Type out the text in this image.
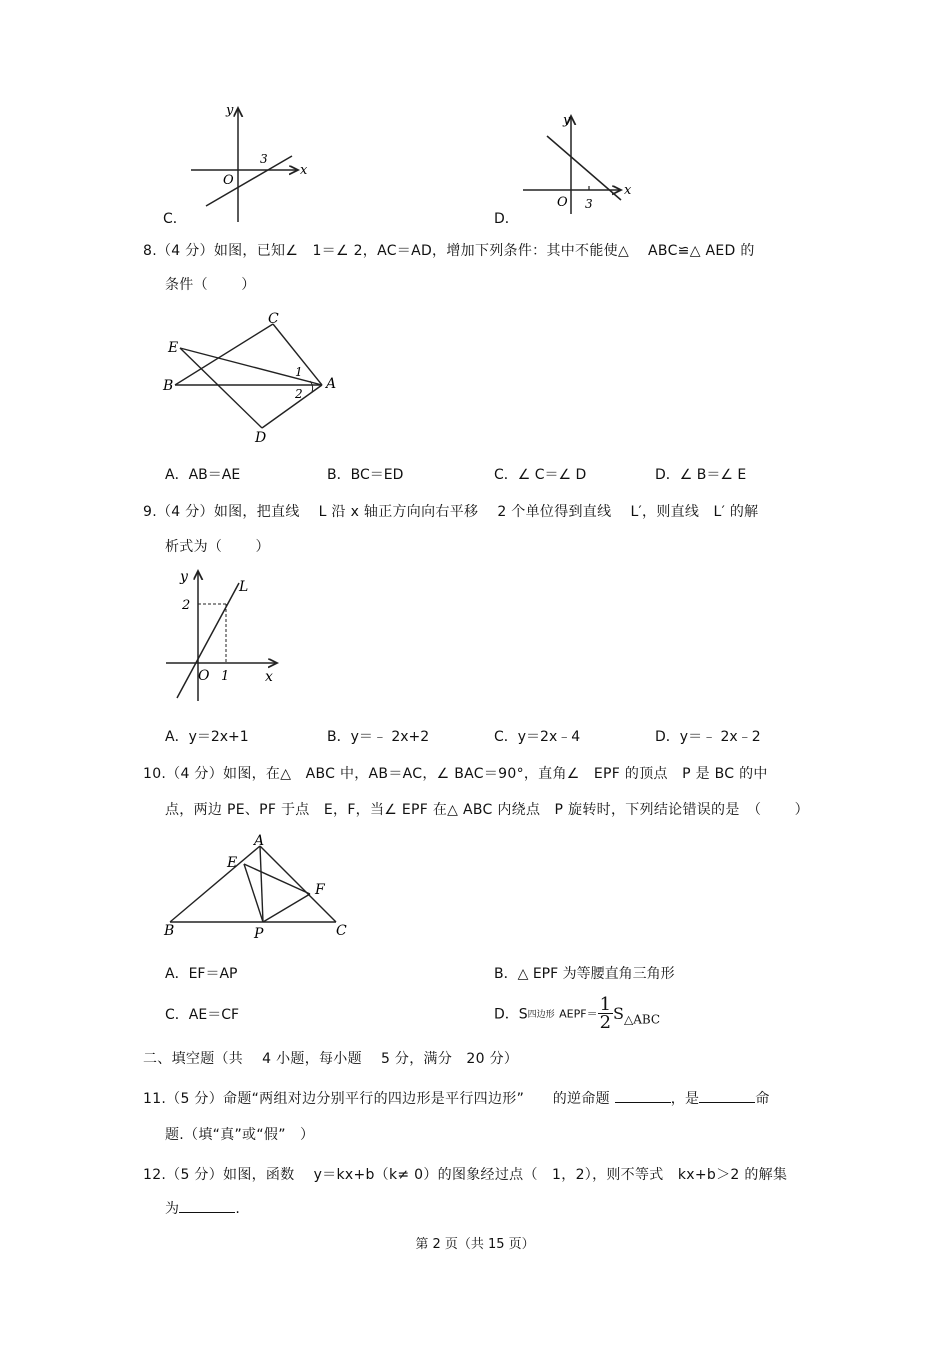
C．
y
x
O
3
D．
y
x
O 3
8.（4 分）如图，已知∠　1＝∠ 2，AC＝AD，增加下列条件：其中不能使△　 ABC≌△ AED 的
条件（　　 ）
E
C
B	A
D
1
2
A．AB＝AE	B．BC＝ED	C．∠ C＝∠ D	D．∠ B＝∠ E
9.（4 分）如图，把直线　 L 沿 x 轴正方向向右平移　 2 个单位得到直线　 L′，则直线　L′ 的解
析式为（　　 ）
y
x
L
O
2
1
A．y＝2x+1	B．y＝﹣ 2x+2	C．y＝2x﹣4	D．y＝﹣ 2x﹣2
10.（4 分）如图，在△　ABC 中，AB＝AC，∠ BAC＝90°，直角∠　EPF 的顶点　P 是 BC 的中
点，两边 PE、PF 于点　E，F，当∠ EPF 在△ ABC 内绕点　P 旋转时，下列结论错误的是　（　　 ）
A
E
F
B	P	C
A．EF＝AP	B．△ EPF 为等腰直角三角形
C．AE＝CF	D．S四边形 AEPF＝ $\frac{1}{2}$ S△ABC
二、填空题（共　 4 小题，每小题　 5 分，满分　20 分）
11.（5 分）命题“两组对边分别平行的四边形是平行四边形”　　的逆命题	，是	命
题.（填“真”或“假”　）
12.（5 分）如图，函数　 y＝kx+b（k≠ 0）的图象经过点（　1，2），则不等式　kx+b＞2 的解集
为	.
第 2 页（共 15 页）
